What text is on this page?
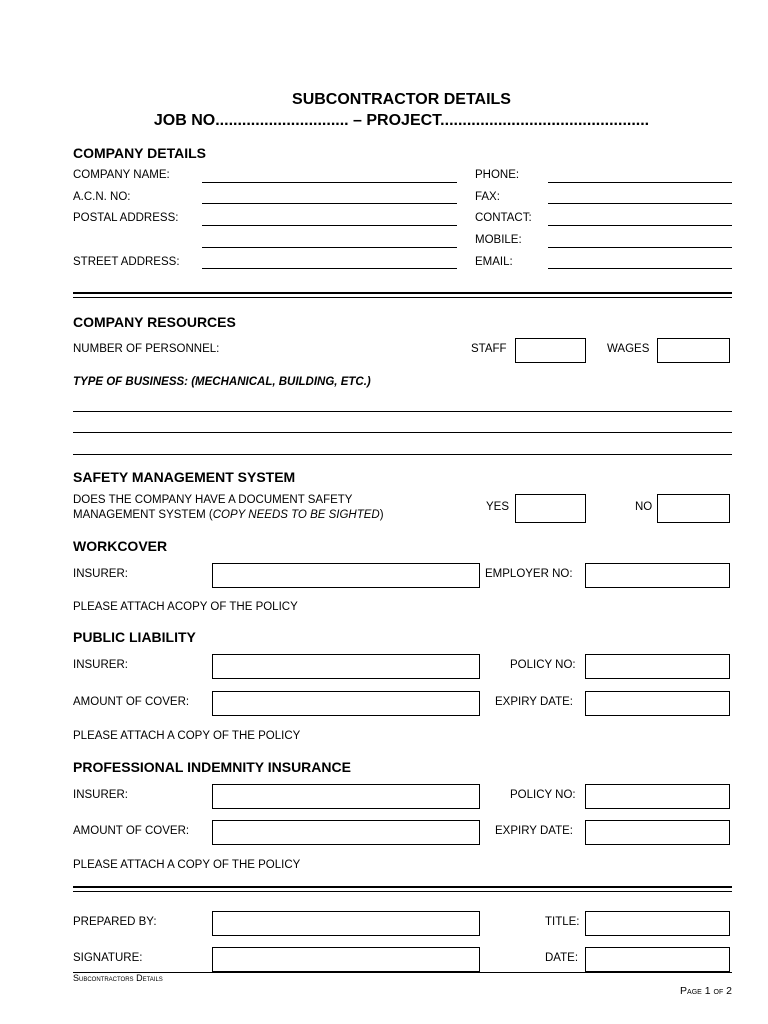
SUBCONTRACTOR DETAILS
JOB NO.............................. – PROJECT...............................................
COMPANY DETAILS
COMPANY NAME:	PHONE:
A.C.N. NO:	FAX:
POSTAL ADDRESS:	CONTACT:
MOBILE:
STREET ADDRESS:	EMAIL:
COMPANY RESOURCES
NUMBER OF PERSONNEL:	STAFF	WAGES
TYPE OF BUSINESS: (MECHANICAL, BUILDING, ETC.)
SAFETY MANAGEMENT SYSTEM
DOES THE COMPANY HAVE A DOCUMENT SAFETY
MANAGEMENT SYSTEM (COPY NEEDS TO BE SIGHTED)
YES	NO
WORKCOVER
INSURER:	EMPLOYER NO:
PLEASE ATTACH ACOPY OF THE POLICY
PUBLIC LIABILITY
INSURER:	POLICY NO:
AMOUNT OF COVER:	EXPIRY DATE:
PLEASE ATTACH A COPY OF THE POLICY
PROFESSIONAL INDEMNITY INSURANCE
INSURER:	POLICY NO:
AMOUNT OF COVER:	EXPIRY DATE:
PLEASE ATTACH A COPY OF THE POLICY
PREPARED BY:	TITLE:
SIGNATURE:	DATE:
Subcontractors Details
Page 1 of 2
